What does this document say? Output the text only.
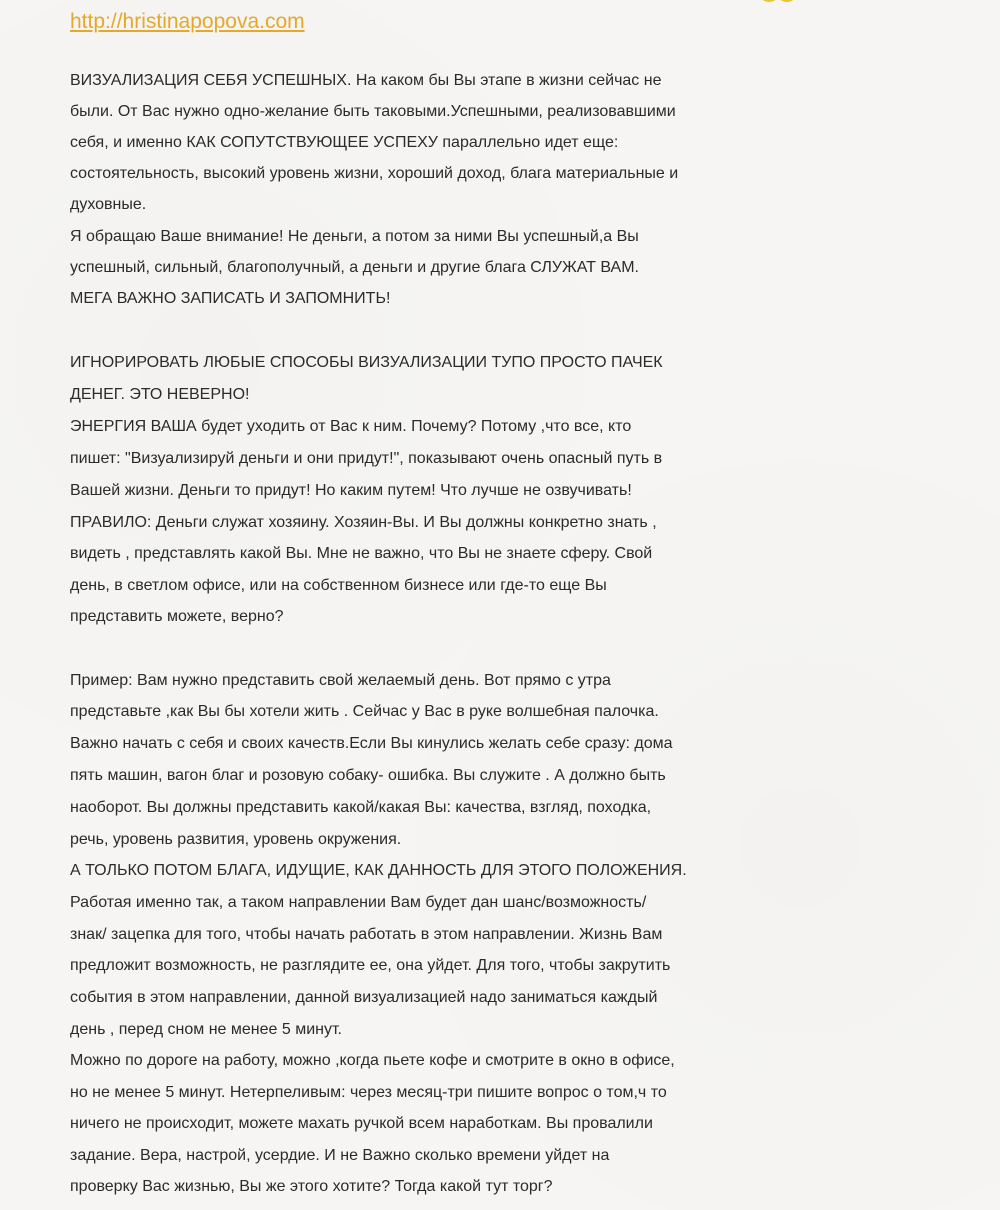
http://hristinapopova.com
ВИЗУАЛИЗАЦИЯ СЕБЯ УСПЕШНЫХ. На каком бы Вы этапе в жизни сейчас не
были. От Вас нужно одно-желание быть таковыми.Успешными, реализовавшими
себя, и именно КАК СОПУТСТВУЮЩЕЕ УСПЕХУ параллельно идет еще:
состоятельность, высокий уровень жизни, хороший доход, блага материальные и
духовные.
Я обращаю Ваше внимание! Не деньги, а потом за ними Вы успешный,а Вы
успешный, сильный, благополучный, а деньги и другие блага СЛУЖАТ ВАМ.
МЕГА ВАЖНО ЗАПИСАТЬ И ЗАПОМНИТЬ!
ИГНОРИРОВАТЬ ЛЮБЫЕ СПОСОБЫ ВИЗУАЛИЗАЦИИ ТУПО ПРОСТО ПАЧЕК
ДЕНЕГ. ЭТО НЕВЕРНО!
ЭНЕРГИЯ ВАША будет уходить от Вас к ним. Почему? Потому ,что все, кто
пишет: "Визуализируй деньги и они придут!", показывают очень опасный путь в
Вашей жизни. Деньги то придут! Но каким путем! Что лучше не озвучивать!
ПРАВИЛО: Деньги служат хозяину. Хозяин-Вы. И Вы должны конкретно знать ,
видеть , представлять какой Вы. Мне не важно, что Вы не знаете сферу. Свой
день, в светлом офисе, или на собственном бизнесе или где-то еще Вы
представить можете, верно?
Пример: Вам нужно представить свой желаемый день. Вот прямо с утра
представьте ,как Вы бы хотели жить . Сейчас у Вас в руке волшебная палочка.
Важно начать с себя и своих качеств.Если Вы кинулись желать себе сразу: дома
пять машин, вагон благ и розовую собаку- ошибка. Вы служите . А должно быть
наоборот. Вы должны представить какой/какая Вы: качества, взгляд, походка,
речь, уровень развития, уровень окружения.
А ТОЛЬКО ПОТОМ БЛАГА, ИДУЩИЕ, КАК ДАННОСТЬ ДЛЯ ЭТОГО ПОЛОЖЕНИЯ.
Работая именно так, а таком направлении Вам будет дан шанс/возможность/
знак/ зацепка для того, чтобы начать работать в этом направлении. Жизнь Вам
предложит возможность, не разглядите ее, она уйдет. Для того, чтобы закрутить
события в этом направлении, данной визуализацией надо заниматься каждый
день , перед сном не менее 5 минут.
Можно по дороге на работу, можно ,когда пьете кофе и смотрите в окно в офисе,
но не менее 5 минут. Нетерпеливым: через месяц-три пишите вопрос о том,ч то
ничего не происходит, можете махать ручкой всем наработкам. Вы провалили
задание. Вера, настрой, усердие. И не Важно сколько времени уйдет на
проверку Вас жизнью, Вы же этого хотите? Тогда какой тут торг?
